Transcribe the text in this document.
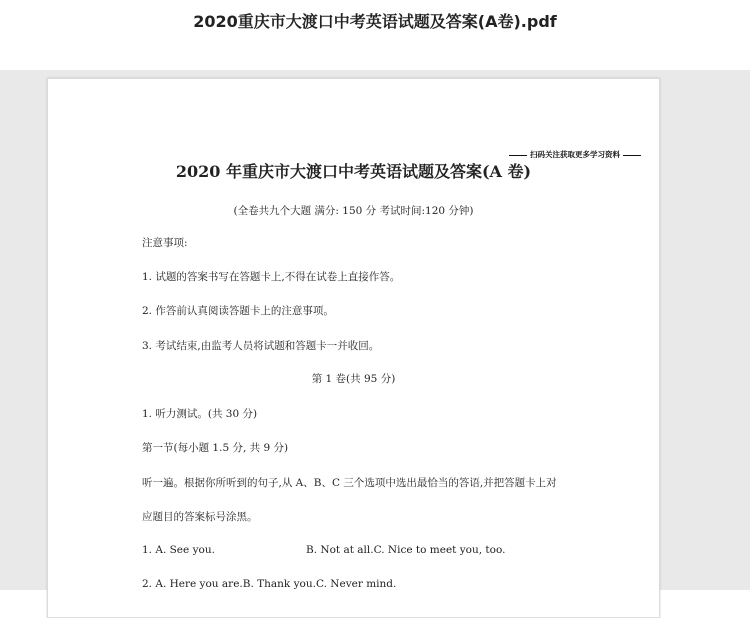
2020重庆市大渡口中考英语试题及答案(A卷).pdf
扫码关注获取更多学习资料
2020 年重庆市大渡口中考英语试题及答案(A 卷)
(全卷共九个大题 满分: 150 分 考试时间:120 分钟)
注意事项:
1. 试题的答案书写在答题卡上,不得在试卷上直接作答。
2. 作答前认真阅读答题卡上的注意事项。
3. 考试结束,由监考人员将试题和答题卡一并收回。
第 1 卷(共 95 分)
1. 听力测试。(共 30 分)
第一节(每小题 1.5 分, 共 9 分)
听一遍。根据你所听到的句子,从 A、B、C 三个选项中选出最恰当的答语,并把答题卡上对
应题目的答案标号涂黑。
1. A. See you.	B. Not at all.C. Nice to meet you, too.
2. A. Here you are.B. Thank you.C. Never mind.
